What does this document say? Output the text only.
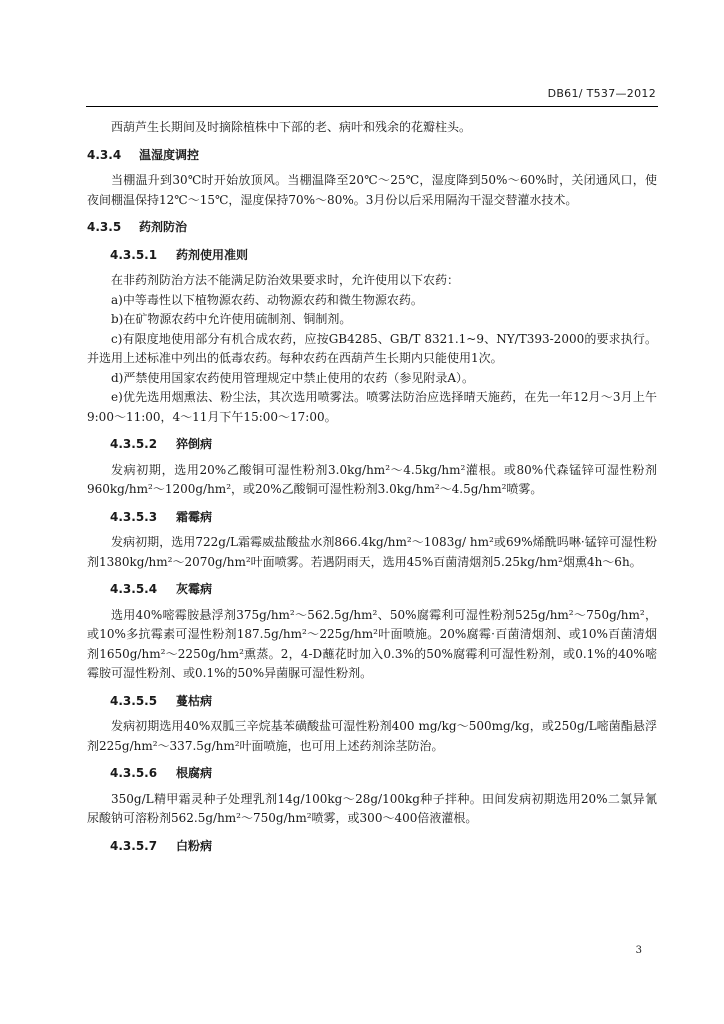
DB61/ T537—2012

西葫芦生长期间及时摘除植株中下部的老、病叶和残余的花瓣柱头。

4.3.4 温湿度调控

当棚温升到30℃时开始放顶风。当棚温降至20℃～25℃，湿度降到50%～60%时，关闭通风口，使夜间棚温保持12℃～15℃，湿度保持70%～80%。3月份以后采用隔沟干湿交替灌水技术。

4.3.5 药剂防治
4.3.5.1 药剂使用准则

在非药剂防治方法不能满足防治效果要求时，允许使用以下农药：

a)中等毒性以下植物源农药、动物源农药和微生物源农药。

b)在矿物源农药中允许使用硫制剂、铜制剂。

c)有限度地使用部分有机合成农药，应按GB4285、GB/T 8321.1~9、NY/T393-2000的要求执行。并选用上述标准中列出的低毒农药。每种农药在西葫芦生长期内只能使用1次。

d)严禁使用国家农药使用管理规定中禁止使用的农药（参见附录A）。

e)优先选用烟熏法、粉尘法，其次选用喷雾法。喷雾法防治应选择晴天施药，在先一年12月～3月上午9:00～11:00，4～11月下午15:00～17:00。

4.3.5.2 猝倒病

发病初期，选用20%乙酸铜可湿性粉剂3.0kg/hm²～4.5kg/hm²灌根。或80%代森锰锌可湿性粉剂960kg/hm²～1200g/hm²，或20%乙酸铜可湿性粉剂3.0kg/hm²～4.5g/hm²喷雾。

4.3.5.3 霜霉病

发病初期，选用722g/L霜霉威盐酸盐水剂866.4kg/hm²～1083g/ hm²或69%烯酰吗啉·锰锌可湿性粉剂1380kg/hm²～2070g/hm²叶面喷雾。若遇阴雨天，选用45%百菌清烟剂5.25kg/hm²烟熏4h～6h。

4.3.5.4 灰霉病

选用40%嘧霉胺悬浮剂375g/hm²～562.5g/hm²、50%腐霉利可湿性粉剂525g/hm²～750g/hm²，或10%多抗霉素可湿性粉剂187.5g/hm²～225g/hm²叶面喷施。20%腐霉·百菌清烟剂、或10%百菌清烟剂1650g/hm²～2250g/hm²熏蒸。2，4-D蘸花时加入0.3%的50%腐霉利可湿性粉剂，或0.1%的40%嘧霉胺可湿性粉剂、或0.1%的50%异菌脲可湿性粉剂。

4.3.5.5 蔓枯病

发病初期选用40%双胍三辛烷基苯磺酸盐可湿性粉剂400 mg/kg～500mg/kg，或250g/L嘧菌酯悬浮剂225g/hm²～337.5g/hm²叶面喷施，也可用上述药剂涂茎防治。

4.3.5.6 根腐病

350g/L精甲霜灵种子处理乳剂14g/100kg～28g/100kg种子拌种。田间发病初期选用20%二氯异氰尿酸钠可溶粉剂562.5g/hm²～750g/hm²喷雾，或300～400倍液灌根。

4.3.5.7 白粉病
3
